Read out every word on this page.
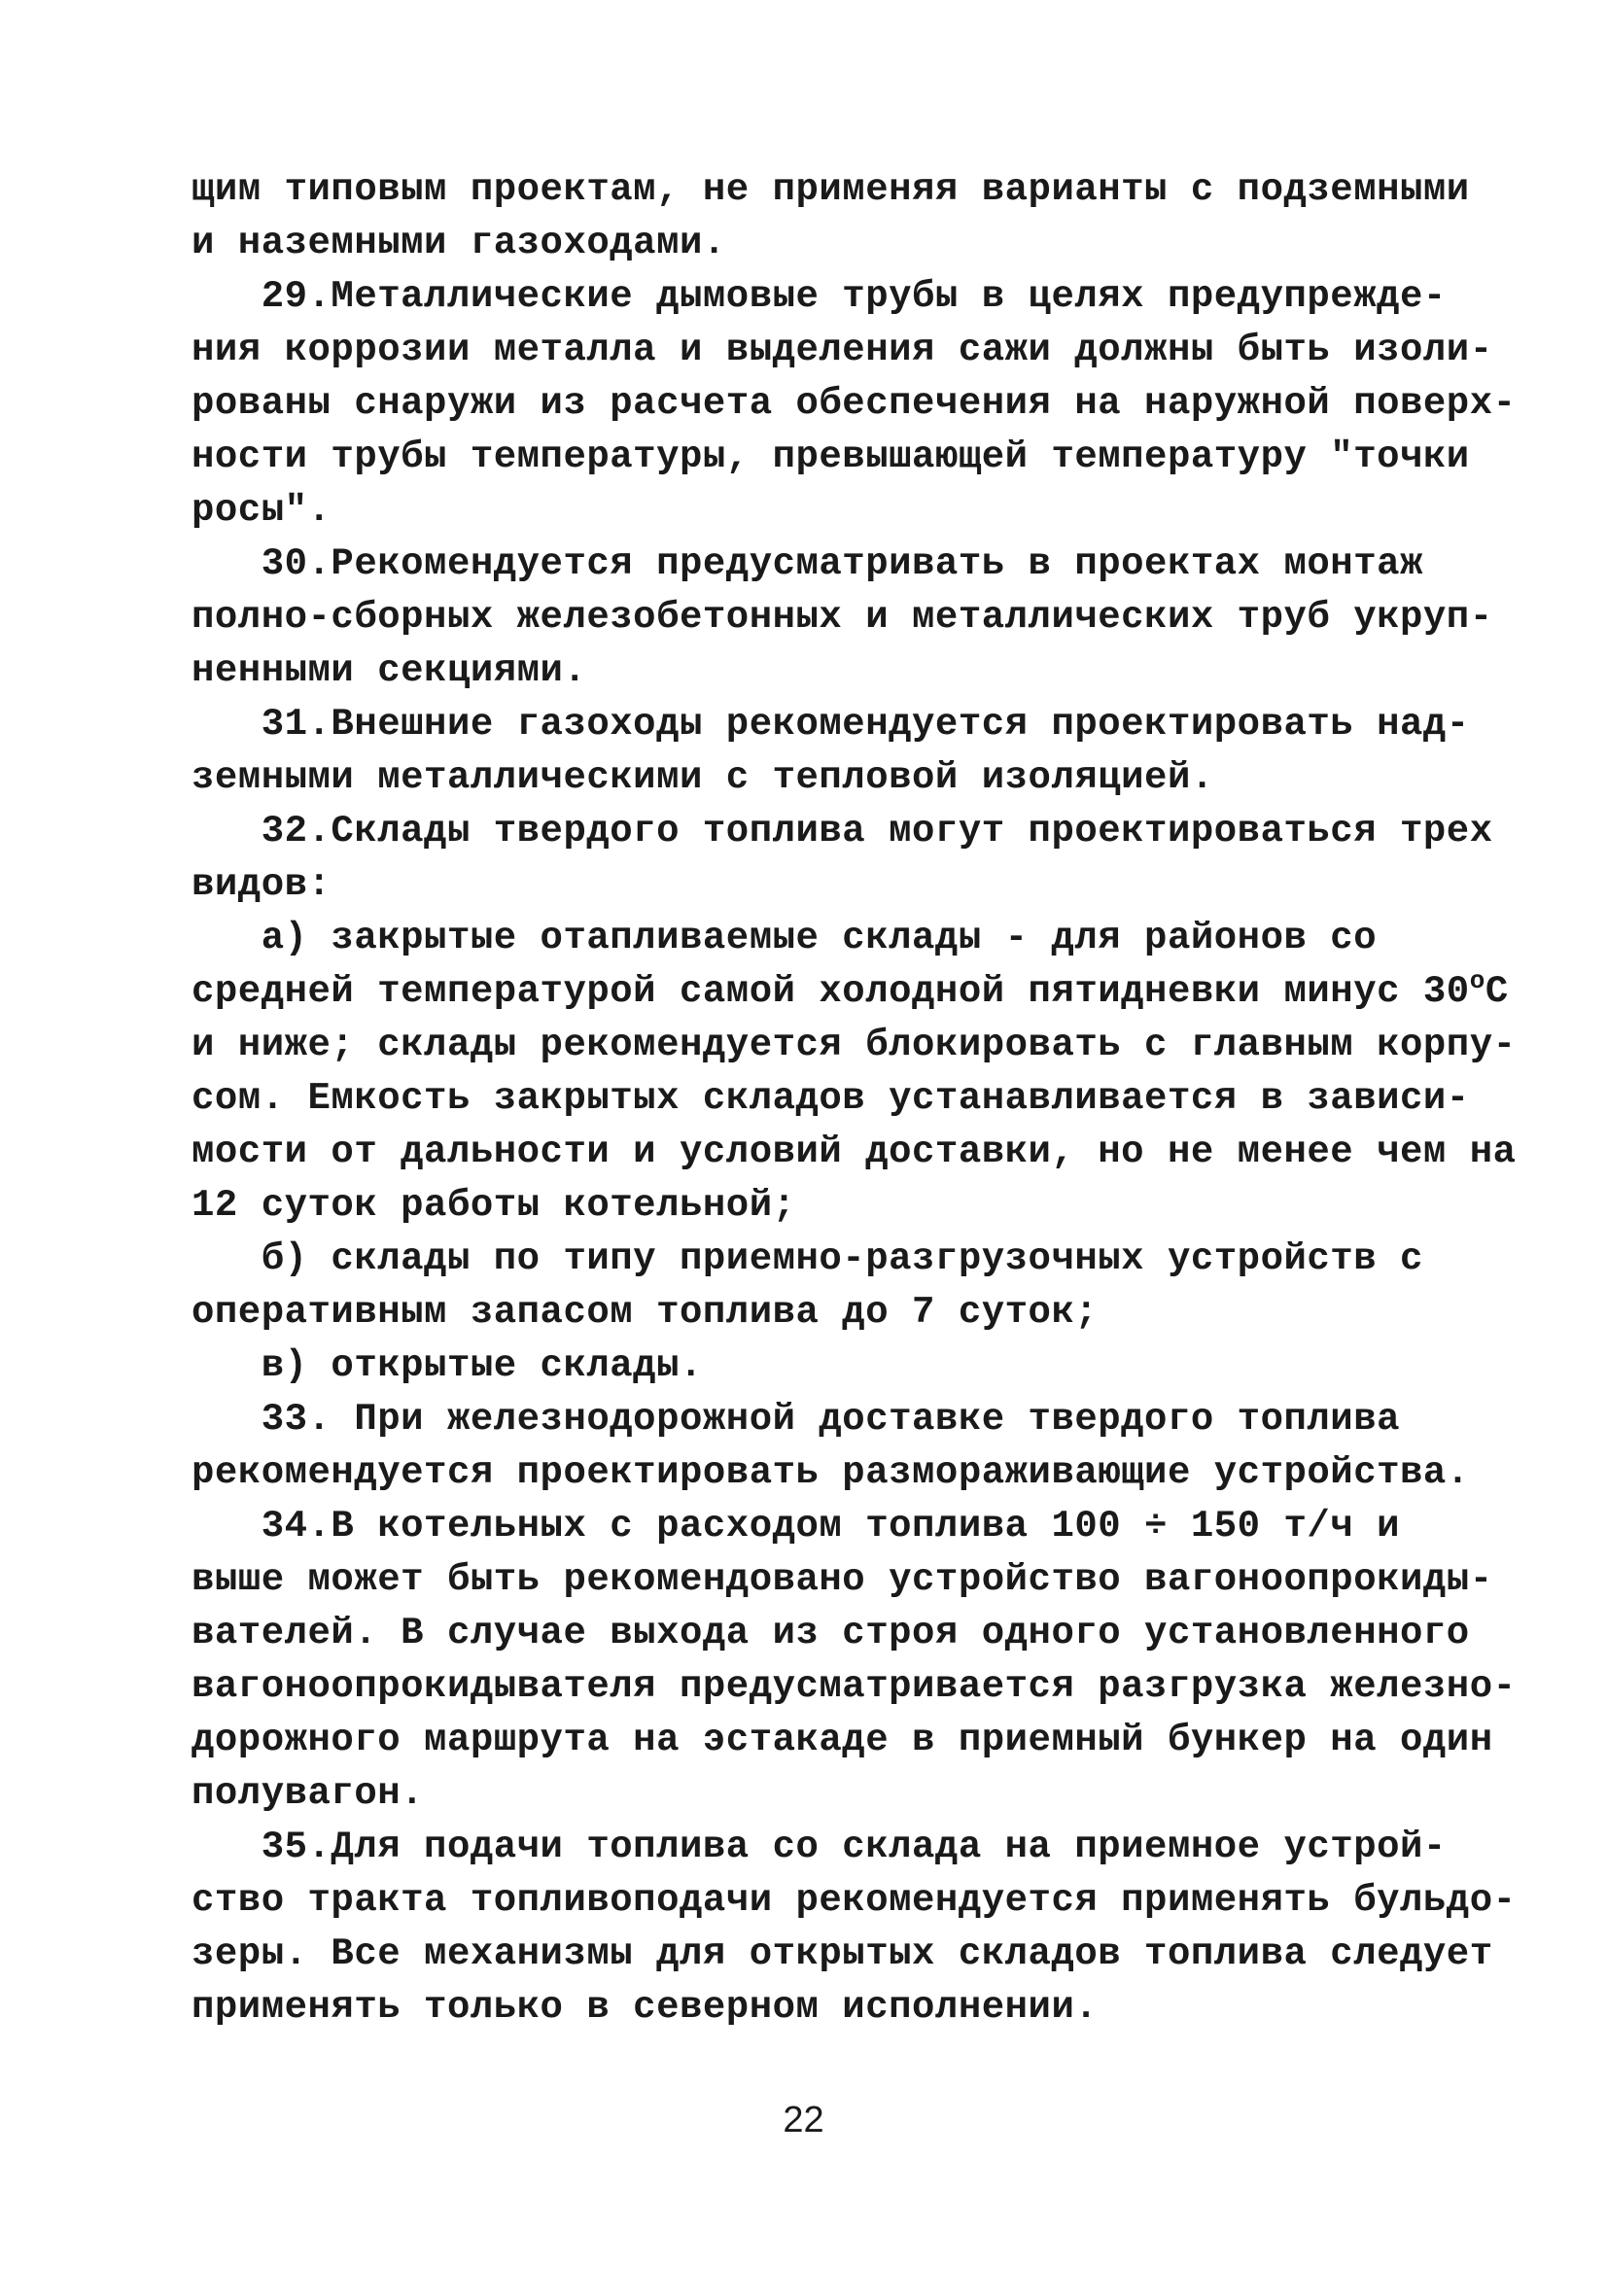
щим типовым проектам, не применяя варианты с подземными
и наземными газоходами.
29.Металлические дымовые трубы в целях предупрежде-
ния коррозии металла и выделения сажи должны быть изоли-
рованы снаружи из расчета обеспечения на наружной поверх-
ности трубы температуры, превышающей температуру "точки
росы".
30.Рекомендуется предусматривать в проектах монтаж
полно-сборных железобетонных и металлических труб укруп-
ненными секциями.
31.Внешние газоходы рекомендуется проектировать над-
земными металлическими с тепловой изоляцией.
32.Склады твердого топлива могут проектироваться трех
видов:
а) закрытые отапливаемые склады - для районов со
средней температурой самой холодной пятидневки минус 30$^o$C
и ниже; склады рекомендуется блокировать с главным корпу-
сом. Емкость закрытых складов устанавливается в зависи-
мости от дальности и условий доставки, но не менее чем на
12 суток работы котельной;
б) склады по типу приемно-разгрузочных устройств с
оперативным запасом топлива до 7 суток;
в) открытые склады.
33. При железнодорожной доставке твердого топлива
рекомендуется проектировать размораживающие устройства.
34.В котельных с расходом топлива 100 ÷ 150 т/ч и
выше может быть рекомендовано устройство вагоноопрокиды-
вателей. В случае выхода из строя одного установленного
вагоноопрокидывателя предусматривается разгрузка железно-
дорожного маршрута на эстакаде в приемный бункер на один
полувагон.
35.Для подачи топлива со склада на приемное устрой-
ство тракта топливоподачи рекомендуется применять бульдо-
зеры. Все механизмы для открытых складов топлива следует
применять только в северном исполнении.
22
